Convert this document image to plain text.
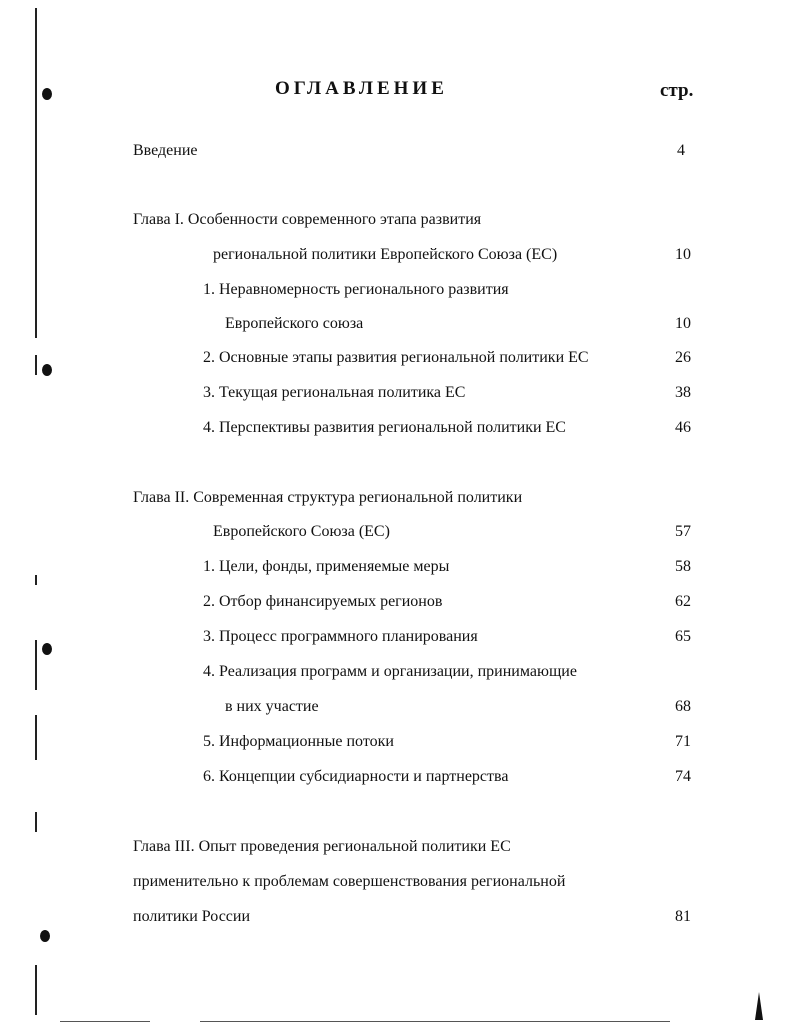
ОГЛАВЛЕНИЕ	стр.
Введение	4
Глава I. Особенности современного этапа развития
региональной политики Европейского Союза (ЕС)	10
1. Неравномерность регионального развития
Европейского союза	10
2. Основные этапы развития региональной политики ЕС	26
3. Текущая региональная политика ЕС	38
4. Перспективы развития региональной политики ЕС	46
Глава II. Современная структура региональной политики
Европейского Союза (ЕС)	57
1. Цели, фонды, применяемые меры	58
2. Отбор финансируемых регионов	62
3. Процесс программного планирования	65
4. Реализация программ и организации, принимающие
в них участие	68
5. Информационные потоки	71
6. Концепции субсидиарности и партнерства	74
Глава III. Опыт проведения региональной политики ЕС
применительно к проблемам совершенствования региональной
политики России	81
